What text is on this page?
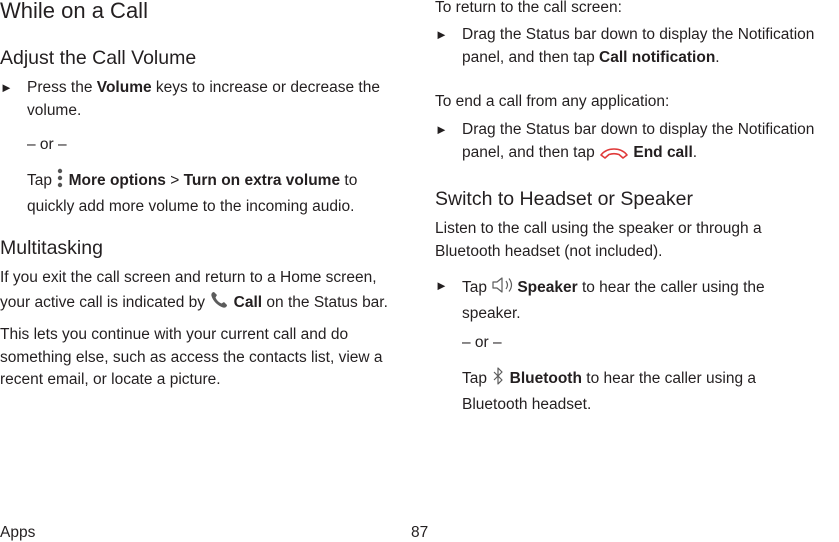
While on a Call
Adjust the Call Volume
► Press the Volume keys to increase or decrease the volume.
– or –
Tap  More options > Turn on extra volume to quickly add more volume to the incoming audio.
Multitasking
If you exit the call screen and return to a Home screen, your active call is indicated by  Call on the Status bar.
This lets you continue with your current call and do something else, such as access the contacts list, view a recent email, or locate a picture.
To return to the call screen:
► Drag the Status bar down to display the Notification panel, and then tap Call notification.
To end a call from any application:
► Drag the Status bar down to display the Notification panel, and then tap  End call.
Switch to Headset or Speaker
Listen to the call using the speaker or through a Bluetooth headset (not included).
► Tap Speaker to hear the caller using the speaker.
– or –
Tap  Bluetooth to hear the caller using a Bluetooth headset.
Apps	87
